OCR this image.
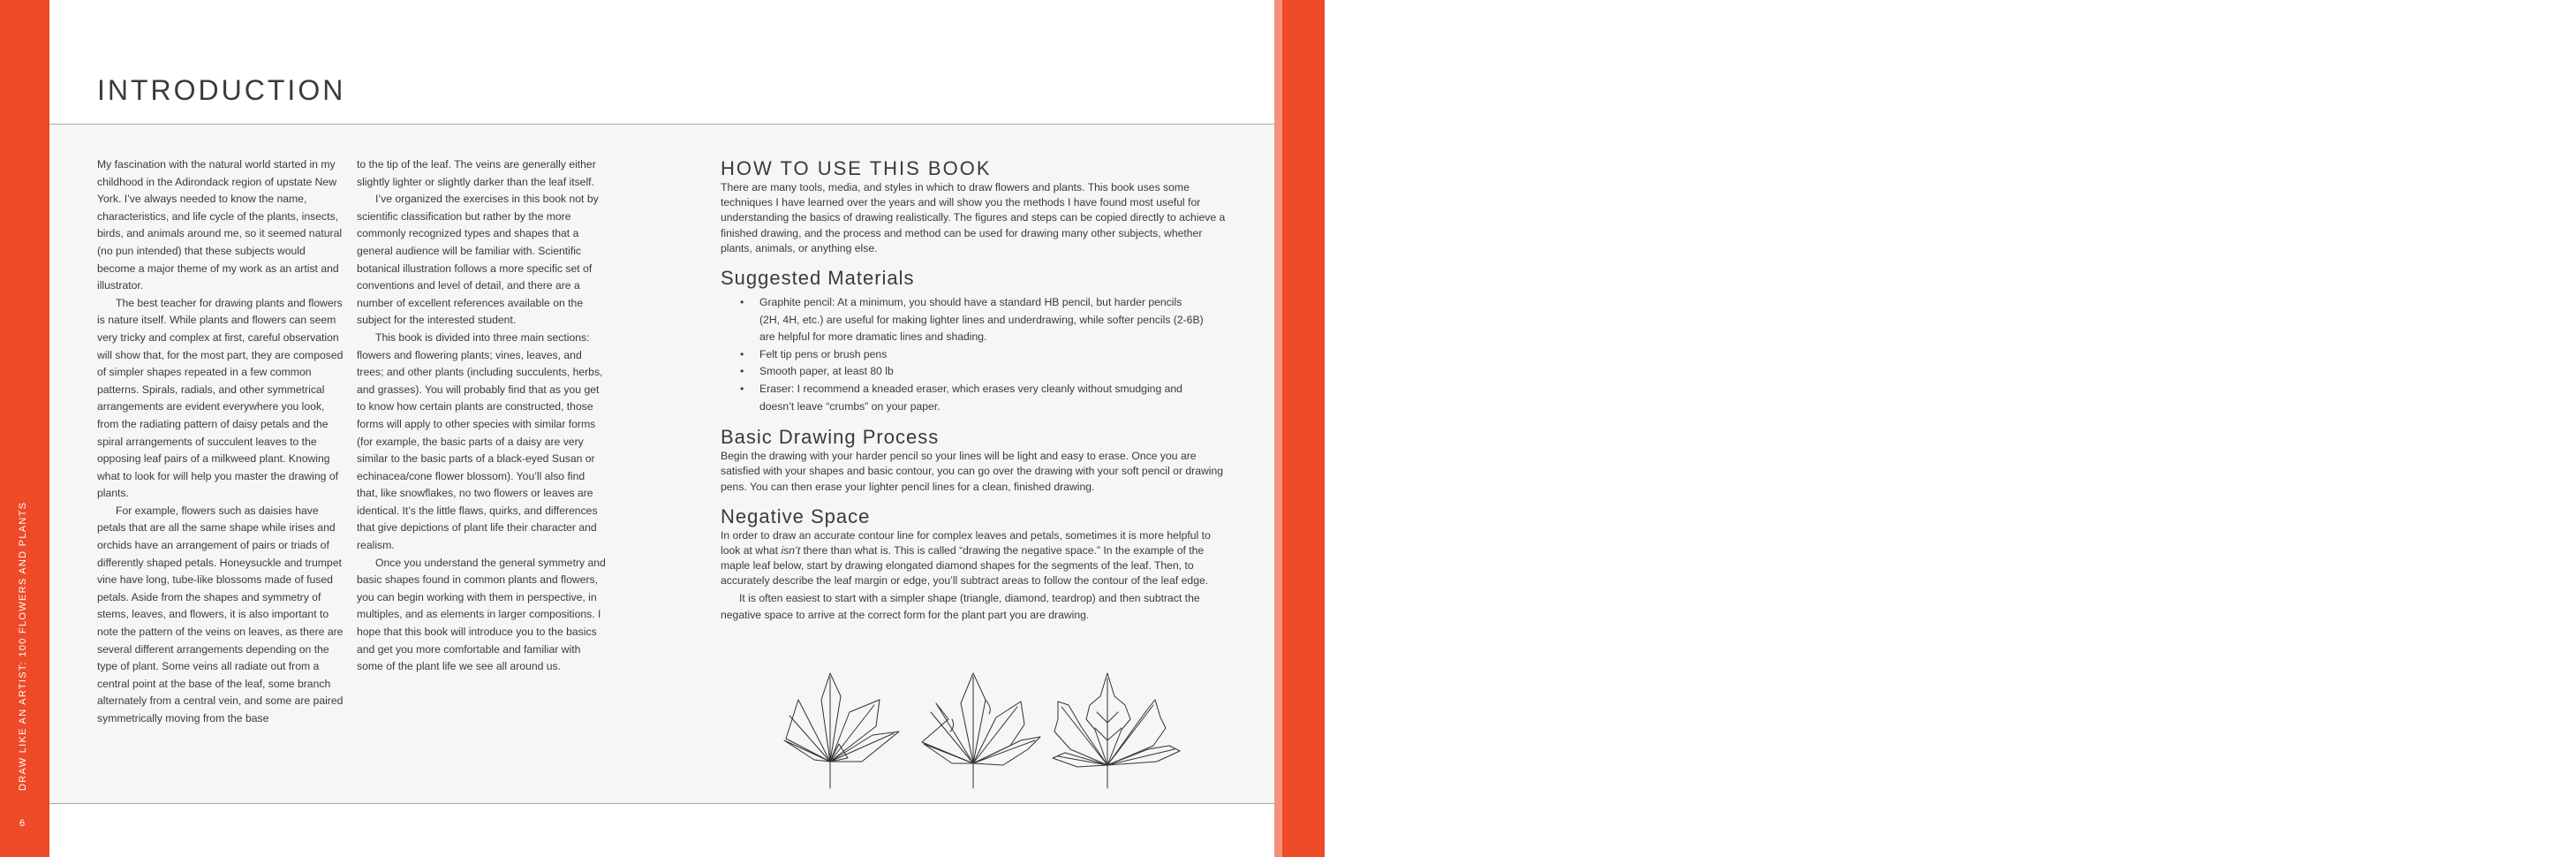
DRAW LIKE AN ARTIST: 100 FLOWERS AND PLANTS
6	7
INTRODUCTION

My fascination with the natural world started in my childhood in the Adirondack region of upstate New York. I’ve always needed to know the name, characteristics, and life cycle of the plants, insects, birds, and animals around me, so it seemed natural (no pun intended) that these subjects would become a major theme of my work as an artist and illustrator.

The best teacher for drawing plants and flowers is nature itself. While plants and flowers can seem very tricky and complex at first, careful observation will show that, for the most part, they are composed of simpler shapes repeated in a few common patterns. Spirals, radials, and other symmetrical arrangements are evident everywhere you look, from the radiating pattern of daisy petals and the spiral arrangements of succulent leaves to the opposing leaf pairs of a milkweed plant. Knowing what to look for will help you master the drawing of plants.

For example, flowers such as daisies have petals that are all the same shape while irises and orchids have an arrangement of pairs or triads of differently shaped petals. Honeysuckle and trumpet vine have long, tube-like blossoms made of fused petals. Aside from the shapes and symmetry of stems, leaves, and flowers, it is also important to note the pattern of the veins on leaves, as there are several different arrangements depending on the type of plant. Some veins all radiate out from a central point at the base of the leaf, some branch alternately from a central vein, and some are paired symmetrically moving from the base

to the tip of the leaf. The veins are generally either slightly lighter or slightly darker than the leaf itself.

I’ve organized the exercises in this book not by scientific classification but rather by the more commonly recognized types and shapes that a general audience will be familiar with. Scientific botanical illustration follows a more specific set of conventions and level of detail, and there are a number of excellent references available on the subject for the interested student.

This book is divided into three main sections: flowers and flowering plants; vines, leaves, and trees; and other plants (including succulents, herbs, and grasses). You will probably find that as you get to know how certain plants are constructed, those forms will apply to other species with similar forms (for example, the basic parts of a daisy are very similar to the basic parts of a black-eyed Susan or echinacea/cone flower blossom). You’ll also find that, like snowflakes, no two flowers or leaves are identical. It’s the little flaws, quirks, and differences that give depictions of plant life their character and realism.

Once you understand the general symmetry and basic shapes found in common plants and flowers, you can begin working with them in perspective, in multiples, and as elements in larger compositions. I hope that this book will introduce you to the basics and get you more comfortable and familiar with some of the plant life we see all around us.

HOW TO USE THIS BOOK

There are many tools, media, and styles in which to draw flowers and plants. This book uses some techniques I have learned over the years and will show you the methods I have found most useful for understanding the basics of drawing realistically. The figures and steps can be copied directly to achieve a finished drawing, and the process and method can be used for drawing many other subjects, whether plants, animals, or anything else.

Suggested Materials
• Graphite pencil: At a minimum, you should have a standard HB pencil, but harder pencils (2H, 4H, etc.) are useful for making lighter lines and underdrawing, while softer pencils (2-6B) are helpful for more dramatic lines and shading.
• Felt tip pens or brush pens
• Smooth paper, at least 80 lb
• Eraser: I recommend a kneaded eraser, which erases very cleanly without smudging and doesn’t leave “crumbs” on your paper.
Basic Drawing Process

Begin the drawing with your harder pencil so your lines will be light and easy to erase. Once you are satisfied with your shapes and basic contour, you can go over the drawing with your soft pencil or drawing pens. You can then erase your lighter pencil lines for a clean, finished drawing.

Negative Space

In order to draw an accurate contour line for complex leaves and petals, sometimes it is more helpful to look at what isn’t there than what is. This is called “drawing the negative space.” In the example of the maple leaf below, start by drawing elongated diamond shapes for the segments of the leaf. Then, to accurately describe the leaf margin or edge, you’ll subtract areas to follow the contour of the leaf edge.

It is often easiest to start with a simpler shape (triangle, diamond, teardrop) and then subtract the negative space to arrive at the correct form for the plant part you are drawing.
